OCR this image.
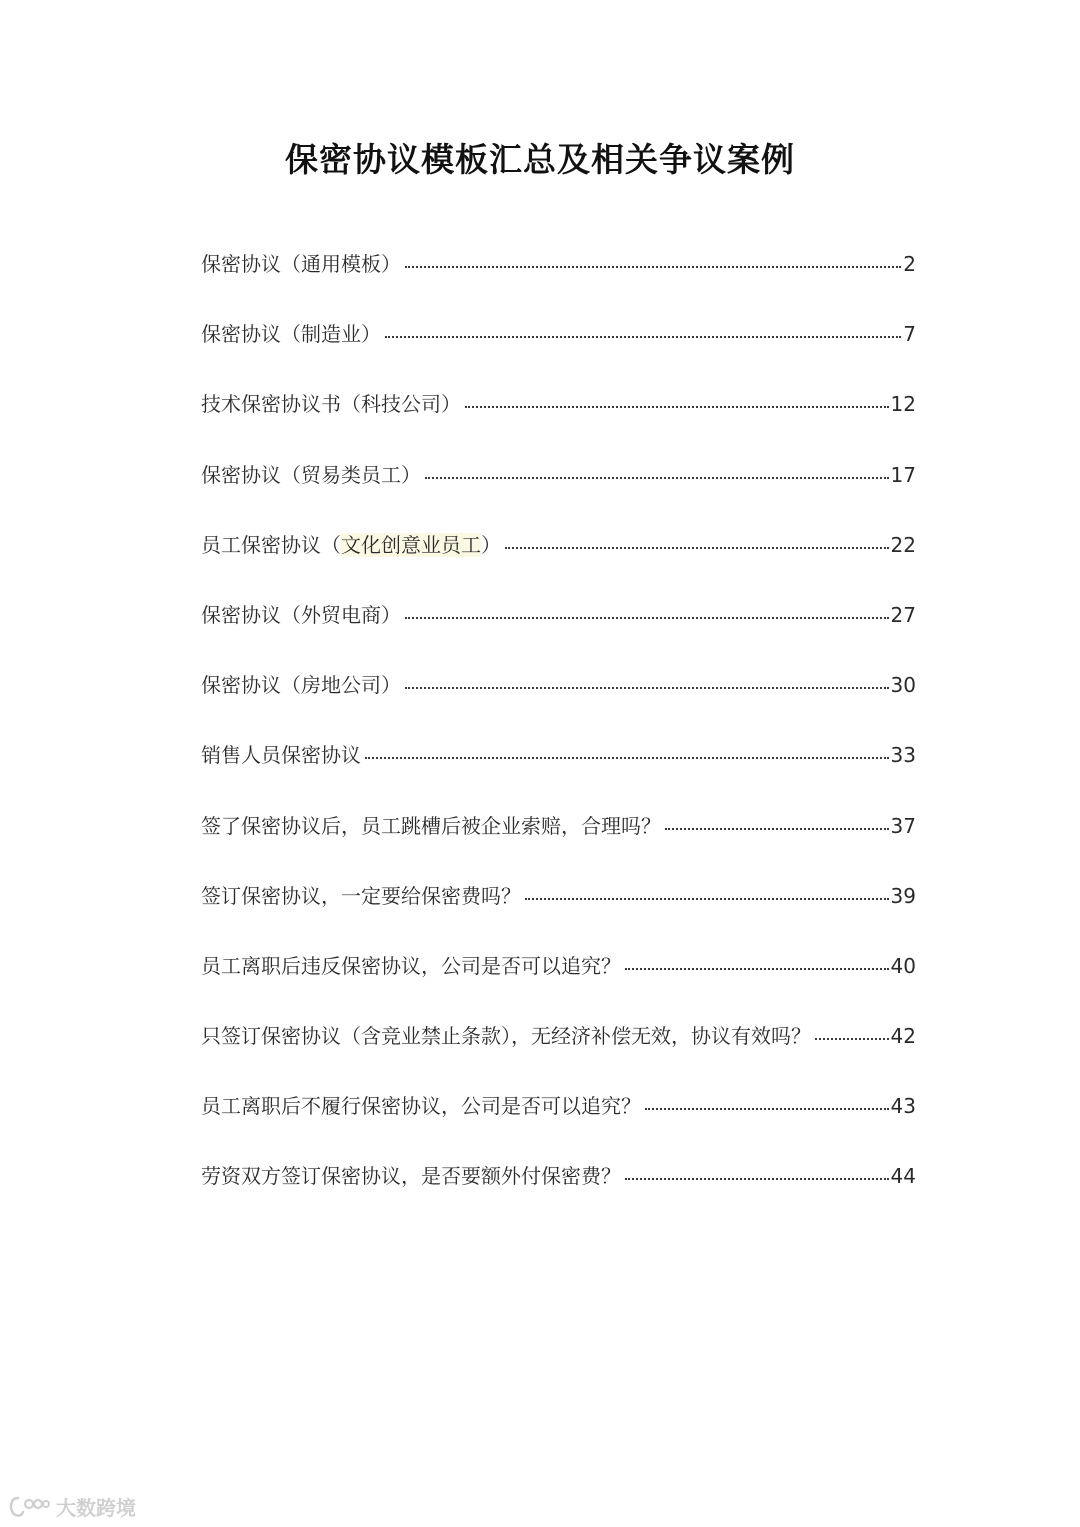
保密协议模板汇总及相关争议案例
保密协议（通用模板）	2
保密协议（制造业）	7
技术保密协议书（科技公司）	12
保密协议（贸易类员工）	17
员工保密协议（文化创意业员工）	22
保密协议（外贸电商）	27
保密协议（房地公司）	30
销售人员保密协议	33
签了保密协议后，员工跳槽后被企业索赔，合理吗？	37
签订保密协议，一定要给保密费吗？	39
员工离职后违反保密协议，公司是否可以追究？	40
只签订保密协议（含竞业禁止条款），无经济补偿无效，协议有效吗？	42
员工离职后不履行保密协议，公司是否可以追究？	43
劳资双方签订保密协议，是否要额外付保密费？	44
大数跨境
